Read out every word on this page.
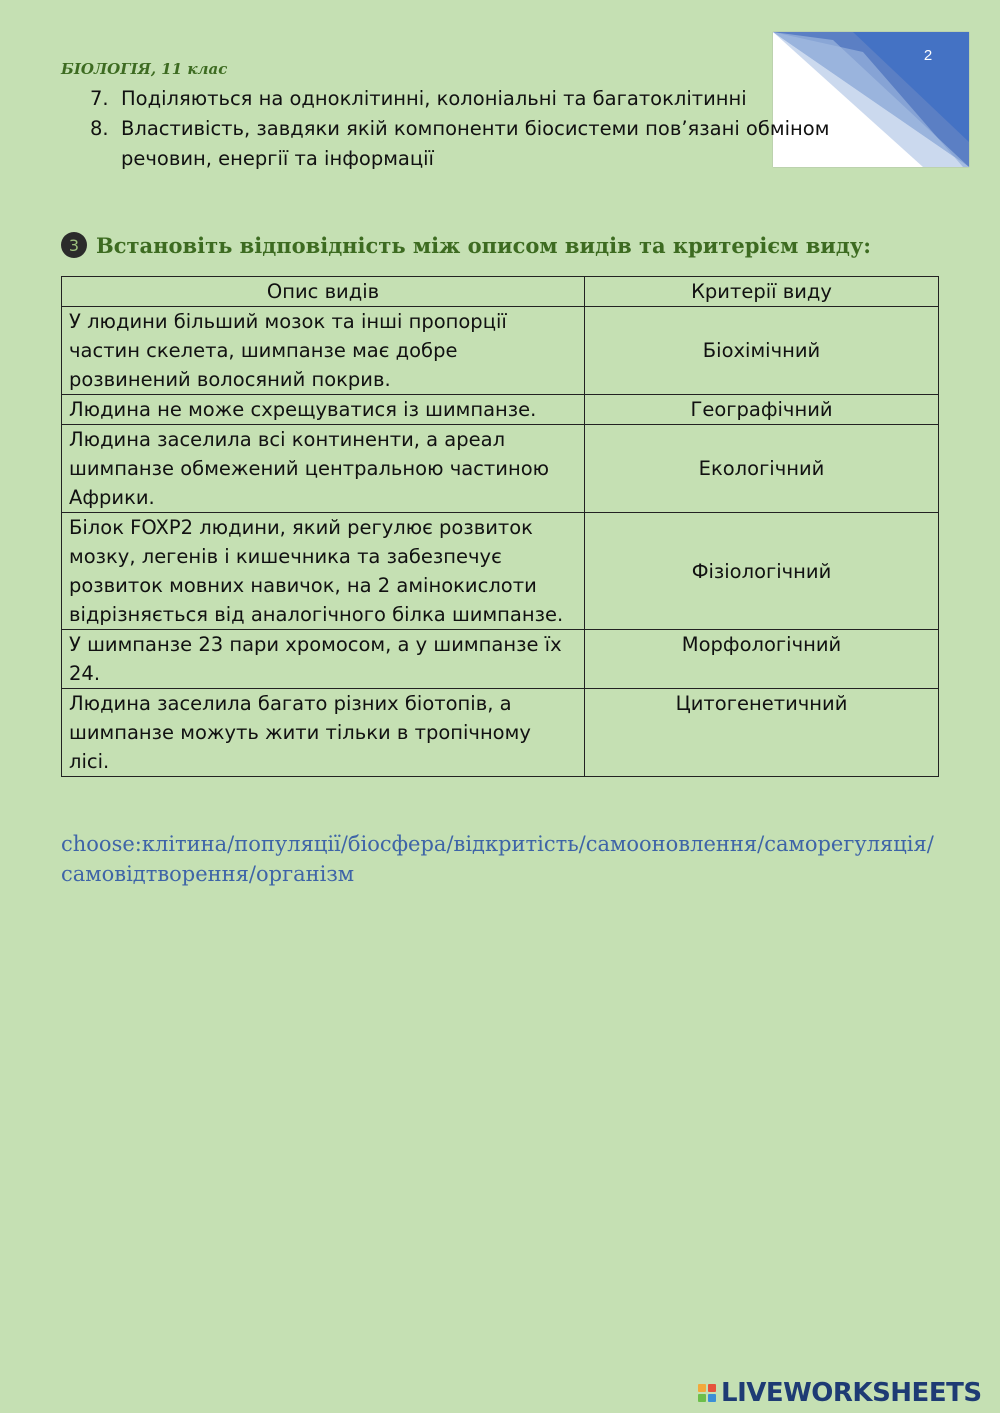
БІОЛОГІЯ, 11 клас
2
7. Поділяються на одноклітинні, колоніальні та багатоклітинні
8. Властивість, завдяки якій компоненти біосистеми пов’язані обміном речовин, енергії та інформації
3 Встановіть відповідність між описом видів та критерієм виду:
Опис видів	Критерії виду
У людини більший мозок та інші пропорції частин скелета, шимпанзе має добре розвинений волосяний покрив.	Біохімічний
Людина не може схрещуватися із шимпанзе.	Географічний
Людина заселила всі континенти, а ареал шимпанзе обмежений центральною частиною Африки.	Екологічний
Білок FOXP2 людини, який регулює розвиток мозку, легенів і кишечника та забезпечує розвиток мовних навичок, на 2 амінокислоти відрізняється від аналогічного білка шимпанзе.	Фізіологічний
У шимпанзе 23 пари хромосом, а у шимпанзе їх 24.	Морфологічний
Людина заселила багато різних біотопів, а шимпанзе можуть жити тільки в тропічному лісі.	Цитогенетичний
choose:клітина/популяції/біосфера/відкритість/самооновлення/саморегуляція/самовідтворення/організм
LIVEWORKSHEETS
